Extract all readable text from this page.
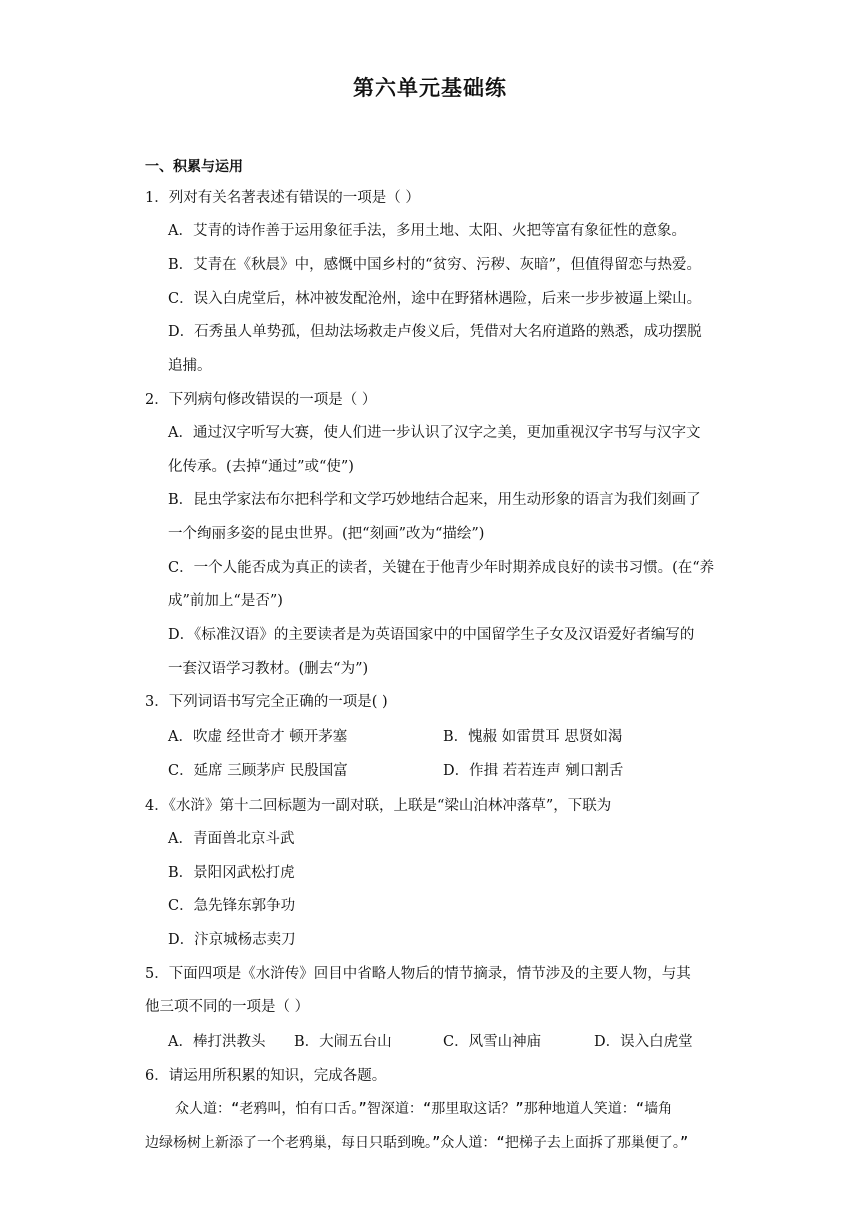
第六单元基础练
一、积累与运用
1．列对有关名著表述有错误的一项是（ ）
A．艾青的诗作善于运用象征手法，多用土地、太阳、火把等富有象征性的意象。
B．艾青在《秋晨》中，感慨中国乡村的“贫穷、污秽、灰暗”，但值得留恋与热爱。
C．误入白虎堂后，林冲被发配沧州，途中在野猪林遇险，后来一步步被逼上梁山。
D．石秀虽人单势孤，但劫法场救走卢俊义后，凭借对大名府道路的熟悉，成功摆脱
追捕。
2．下列病句修改错误的一项是（ ）
A．通过汉字听写大赛，使人们进一步认识了汉字之美，更加重视汉字书写与汉字文
化传承。(去掉“通过”或“使”)
B．昆虫学家法布尔把科学和文学巧妙地结合起来，用生动形象的语言为我们刻画了
一个绚丽多姿的昆虫世界。(把“刻画”改为“描绘”)
C．一个人能否成为真正的读者，关键在于他青少年时期养成良好的读书习惯。(在“养
成”前加上“是否”)
D．《标准汉语》的主要读者是为英语国家中的中国留学生子女及汉语爱好者编写的
一套汉语学习教材。(删去“为”)
3．下列词语书写完全正确的一项是( )
A．吹虚 经世奇才 顿开茅塞	B．愧赧 如雷贯耳 思贤如渴
C．延席 三顾茅庐 民殷国富	D．作揖 若若连声 剜口割舌
4．《水浒》第十二回标题为一副对联，上联是“梁山泊林冲落草”，下联为
A．青面兽北京斗武
B．景阳冈武松打虎
C．急先锋东郭争功
D．汴京城杨志卖刀
5．下面四项是《水浒传》回目中省略人物后的情节摘录，情节涉及的主要人物，与其
他三项不同的一项是（ ）
A．棒打洪教头 B．大闹五台山	C．风雪山神庙	D．误入白虎堂
6．请运用所积累的知识，完成各题。
众人道：“老鸦叫，怕有口舌。”智深道：“那里取这话？”那种地道人笑道：“墙角
边绿杨树上新添了一个老鸦巢，每日只聒到晚。”众人道：“把梯子去上面拆了那巢便了。”
